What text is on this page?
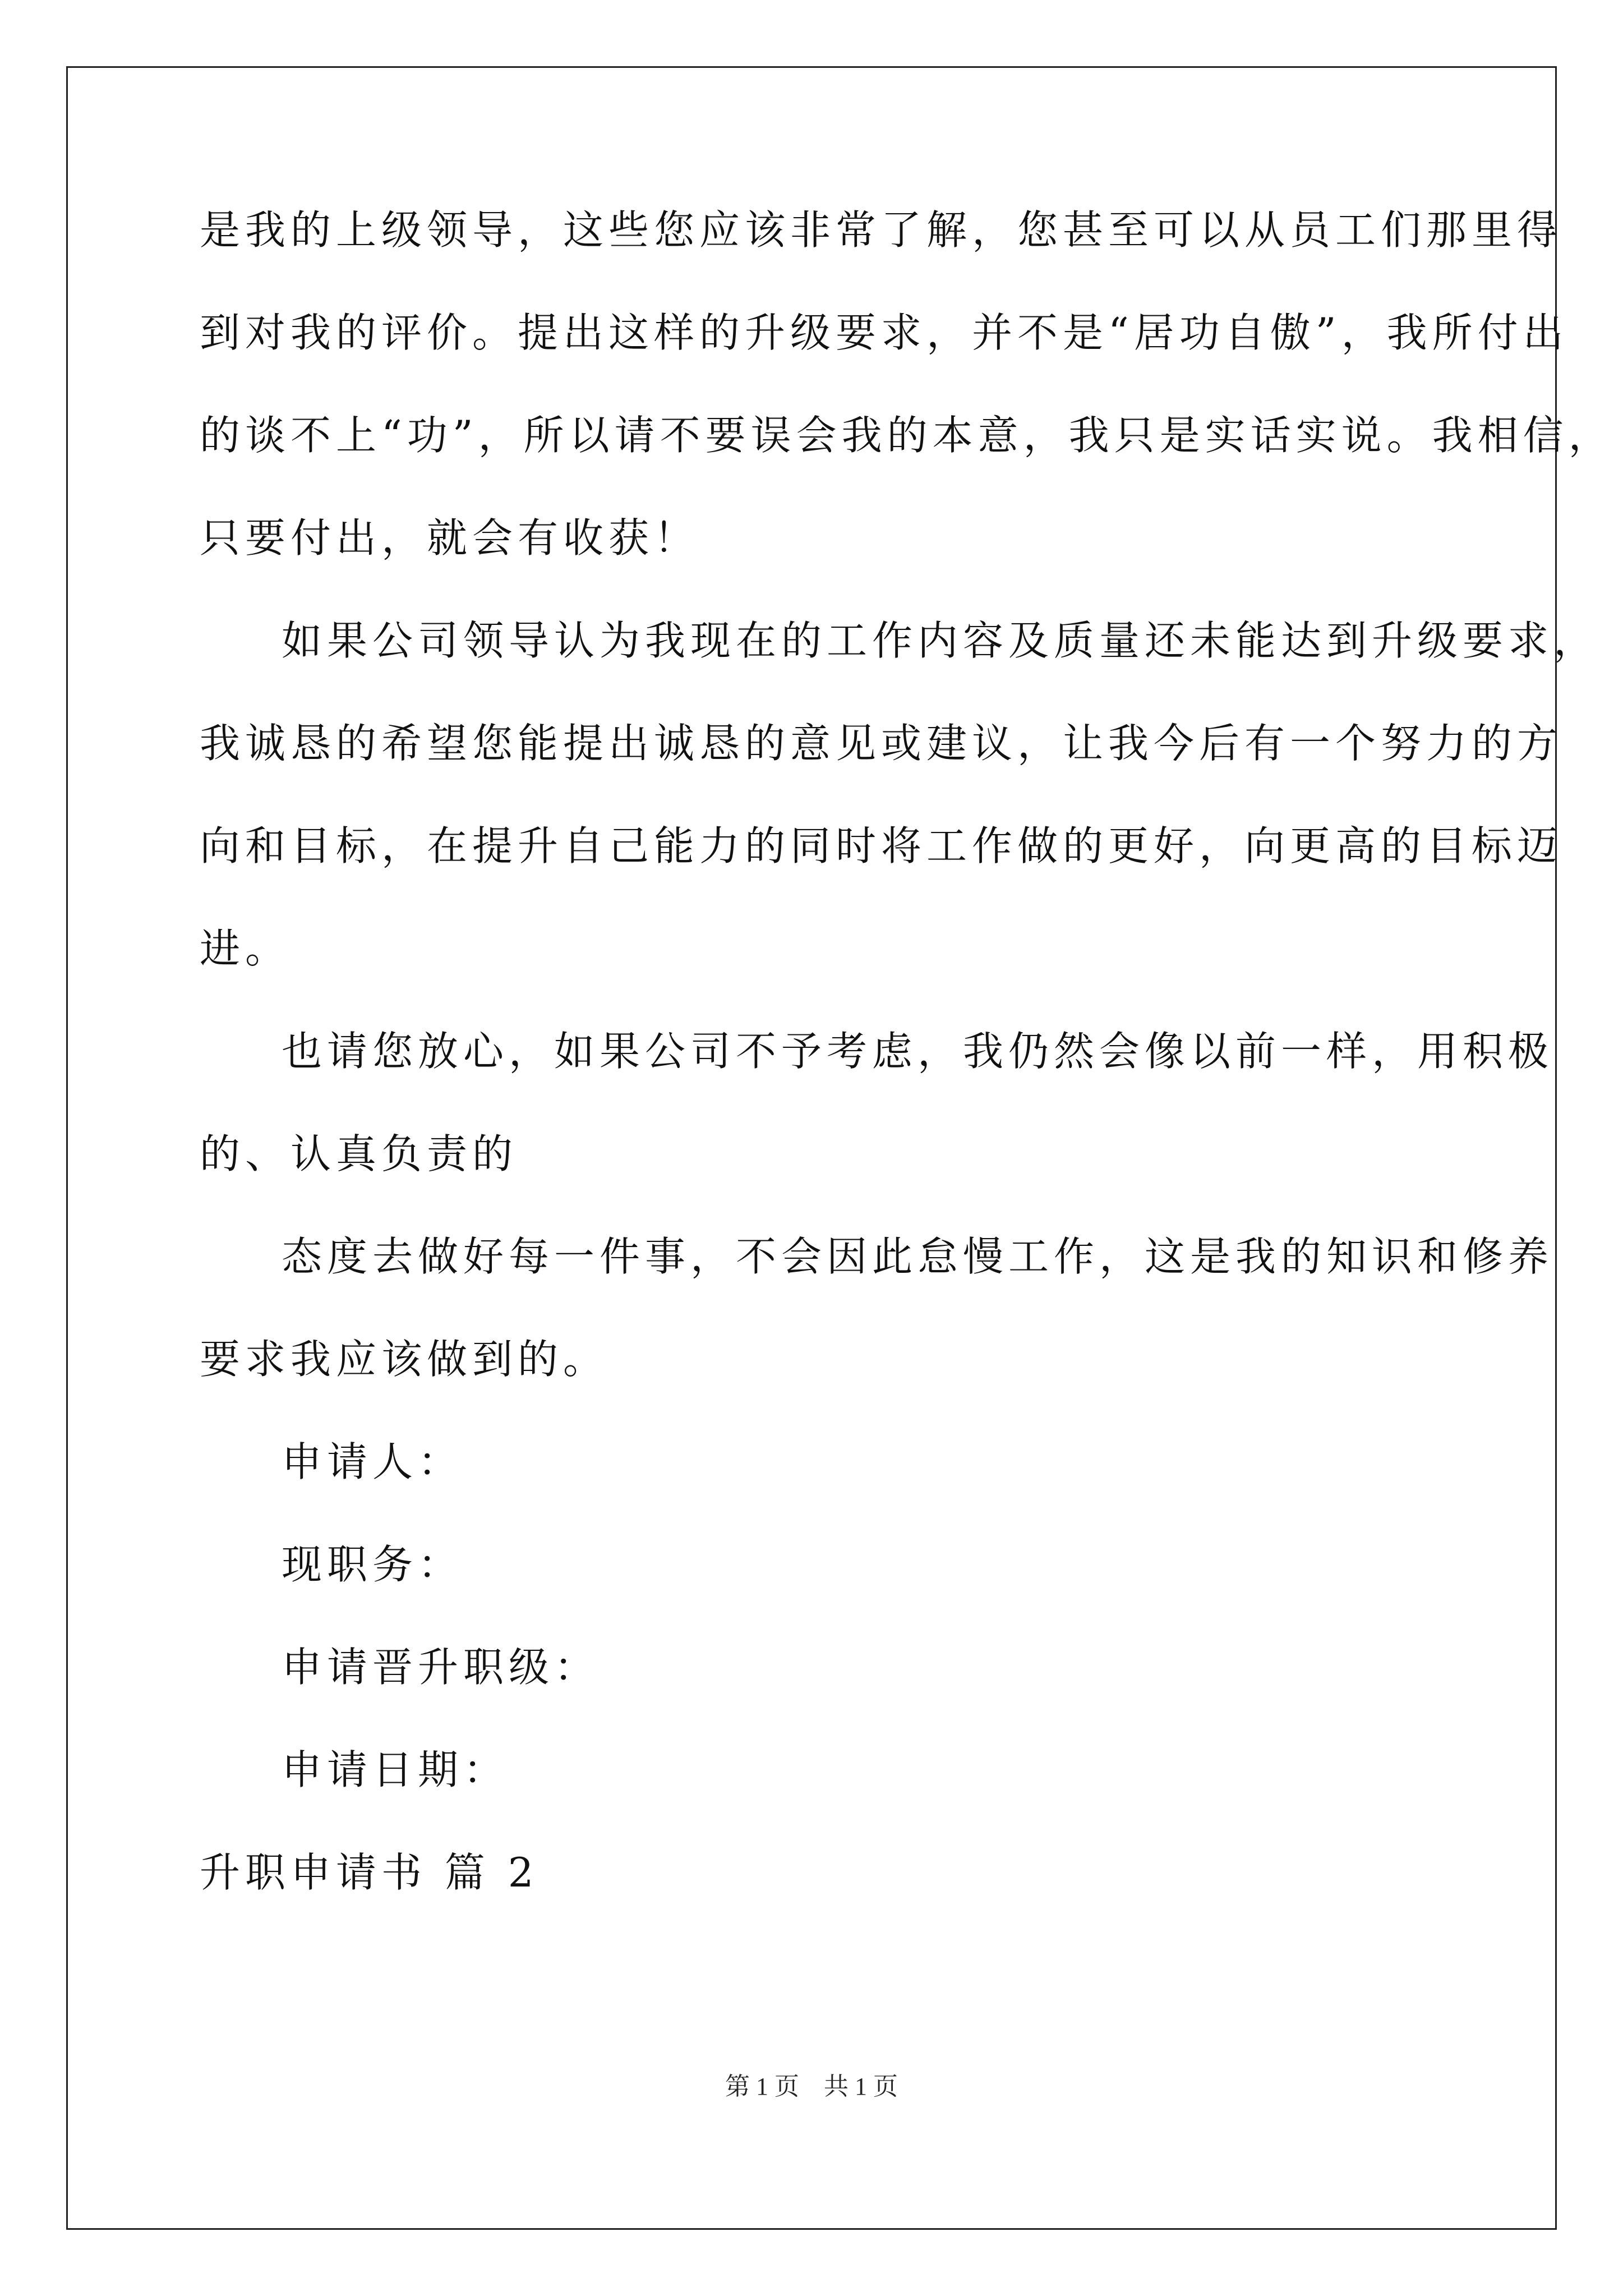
是我的上级领导，这些您应该非常了解，您甚至可以从员工们那里得
到对我的评价。提出这样的升级要求，并不是“居功自傲”，我所付出
的谈不上“功”，所以请不要误会我的本意，我只是实话实说。我相信，
只要付出，就会有收获！
如果公司领导认为我现在的工作内容及质量还未能达到升级要求，
我诚恳的希望您能提出诚恳的意见或建议，让我今后有一个努力的方
向和目标，在提升自己能力的同时将工作做的更好，向更高的目标迈
进。
也请您放心，如果公司不予考虑，我仍然会像以前一样，用积极
的、认真负责的
态度去做好每一件事，不会因此怠慢工作，这是我的知识和修养
要求我应该做到的。
申请人：
现职务：
申请晋升职级：
申请日期：
升职申请书 篇 2
第 1 页 共 1 页
